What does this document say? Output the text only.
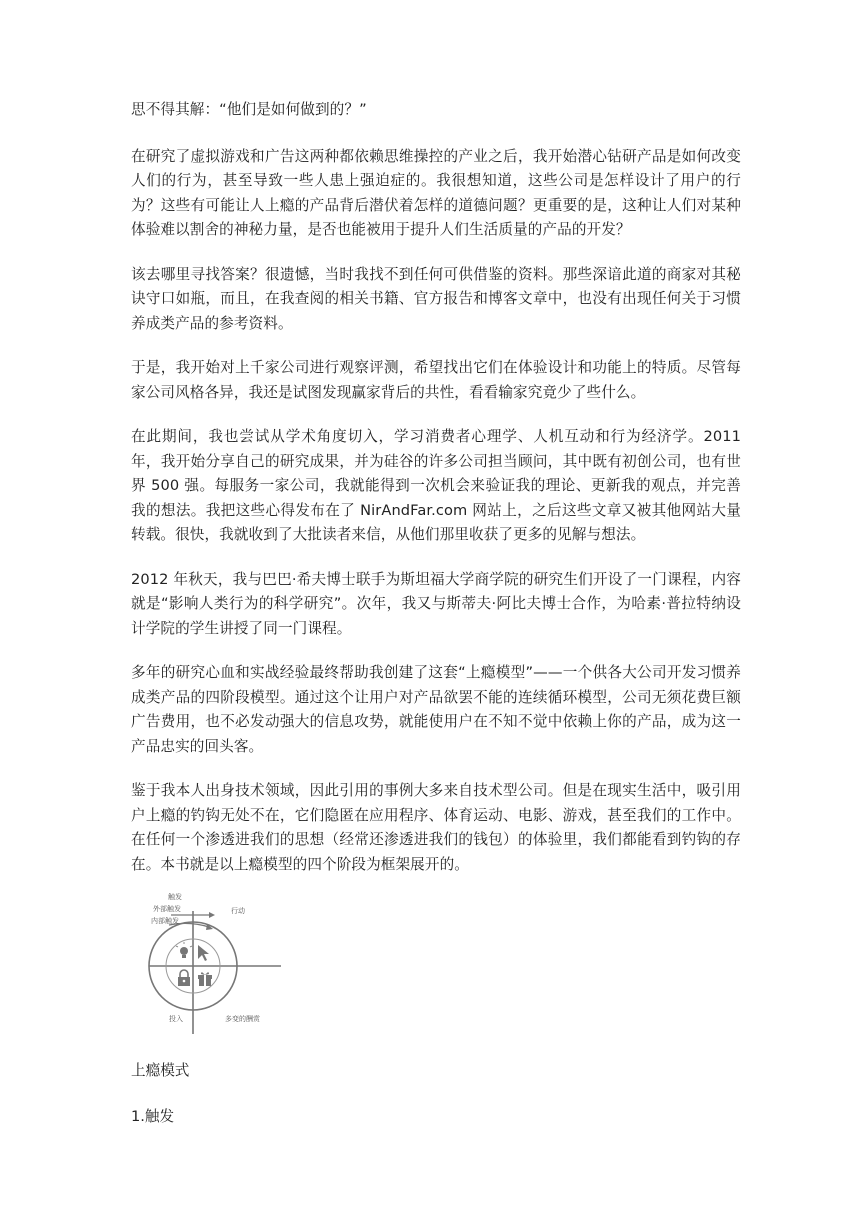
思不得其解：“他们是如何做到的？”

在研究了虚拟游戏和广告这两种都依赖思维操控的产业之后，我开始潜心钻研产品是如何改变人们的行为，甚至导致一些人患上强迫症的。我很想知道，这些公司是怎样设计了用户的行为？这些有可能让人上瘾的产品背后潜伏着怎样的道德问题？更重要的是，这种让人们对某种体验难以割舍的神秘力量，是否也能被用于提升人们生活质量的产品的开发？

该去哪里寻找答案？很遗憾，当时我找不到任何可供借鉴的资料。那些深谙此道的商家对其秘诀守口如瓶，而且，在我查阅的相关书籍、官方报告和博客文章中，也没有出现任何关于习惯养成类产品的参考资料。

于是，我开始对上千家公司进行观察评测，希望找出它们在体验设计和功能上的特质。尽管每家公司风格各异，我还是试图发现赢家背后的共性，看看输家究竟少了些什么。

在此期间，我也尝试从学术角度切入，学习消费者心理学、人机互动和行为经济学。2011 年，我开始分享自己的研究成果，并为硅谷的许多公司担当顾问，其中既有初创公司，也有世界 500 强。每服务一家公司，我就能得到一次机会来验证我的理论、更新我的观点，并完善我的想法。我把这些心得发布在了 NirAndFar.com 网站上，之后这些文章又被其他网站大量转载。很快，我就收到了大批读者来信，从他们那里收获了更多的见解与想法。

2012 年秋天，我与巴巴·希夫博士联手为斯坦福大学商学院的研究生们开设了一门课程，内容就是“影响人类行为的科学研究”。次年，我又与斯蒂夫·阿比夫博士合作，为哈素·普拉特纳设计学院的学生讲授了同一门课程。

多年的研究心血和实战经验最终帮助我创建了这套“上瘾模型”——一个供各大公司开发习惯养成类产品的四阶段模型。通过这个让用户对产品欲罢不能的连续循环模型，公司无须花费巨额广告费用，也不必发动强大的信息攻势，就能使用户在不知不觉中依赖上你的产品，成为这一产品忠实的回头客。

鉴于我本人出身技术领域，因此引用的事例大多来自技术型公司。但是在现实生活中，吸引用户上瘾的钓钩无处不在，它们隐匿在应用程序、体育运动、电影、游戏，甚至我们的工作中。在任何一个渗透进我们的思想（经常还渗透进我们的钱包）的体验里，我们都能看到钓钩的存在。本书就是以上瘾模型的四个阶段为框架展开的。

触发
外部触发
内部触发
行动
投入	多变的酬赏
上瘾模式
1.触发
